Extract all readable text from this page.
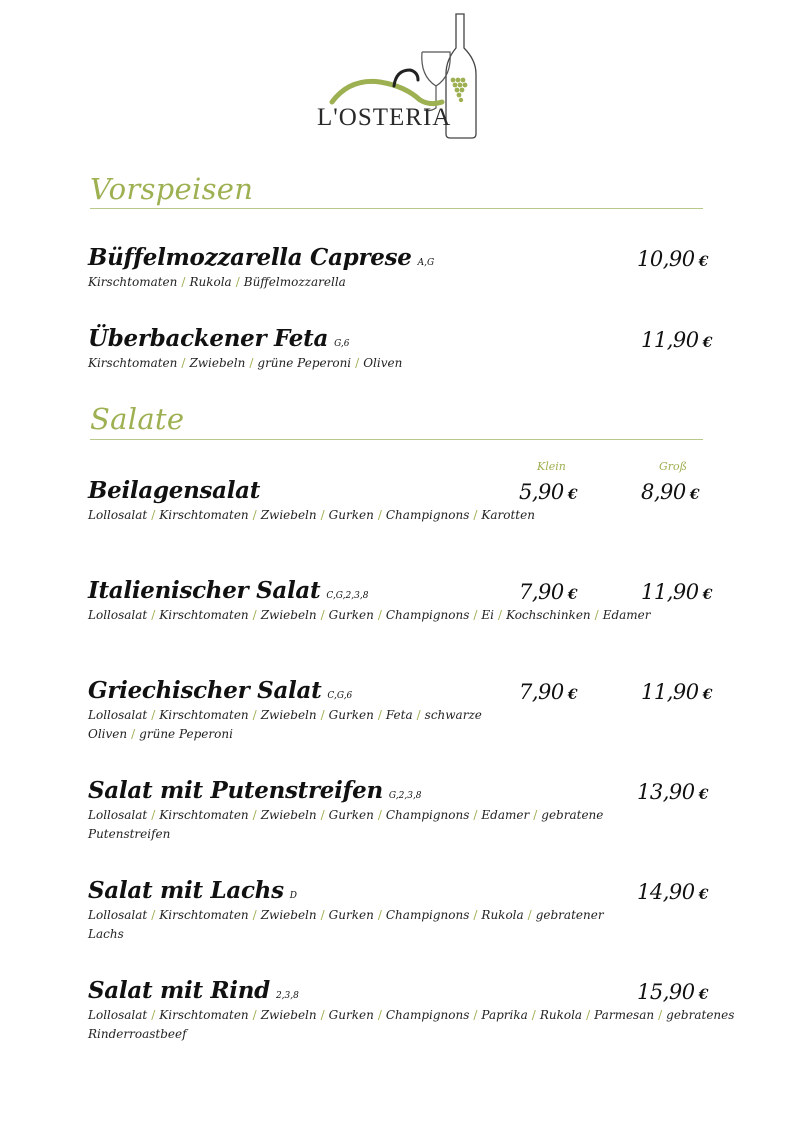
L'OSTERIA
Vorspeisen
Büffelmozzarella Caprese A,G
Kirschtomaten / Rukola / Büffelmozzarella
10,90 €
Überbackener Feta G,6
Kirschtomaten / Zwiebeln / grüne Peperoni / Oliven
11,90 €
Salate
Klein	Groß
Beilagensalat
Lollosalat / Kirschtomaten / Zwiebeln / Gurken / Champignons / Karotten
5,90 €	8,90 €
Italienischer Salat C,G,2,3,8
Lollosalat / Kirschtomaten / Zwiebeln / Gurken / Champignons / Ei / Kochschinken / Edamer
7,90 €	11,90 €
Griechischer Salat C,G,6
Lollosalat / Kirschtomaten / Zwiebeln / Gurken / Feta / schwarze Oliven / grüne Peperoni
7,90 €	11,90 €
Salat mit Putenstreifen G,2,3,8
Lollosalat / Kirschtomaten / Zwiebeln / Gurken / Champignons / Edamer / gebratene Putenstreifen
13,90 €
Salat mit Lachs D
Lollosalat / Kirschtomaten / Zwiebeln / Gurken / Champignons / Rukola / gebratener Lachs
14,90 €
Salat mit Rind 2,3,8
Lollosalat / Kirschtomaten / Zwiebeln / Gurken / Champignons / Paprika / Rukola / Parmesan / gebratenes Rinderroastbeef
15,90 €
